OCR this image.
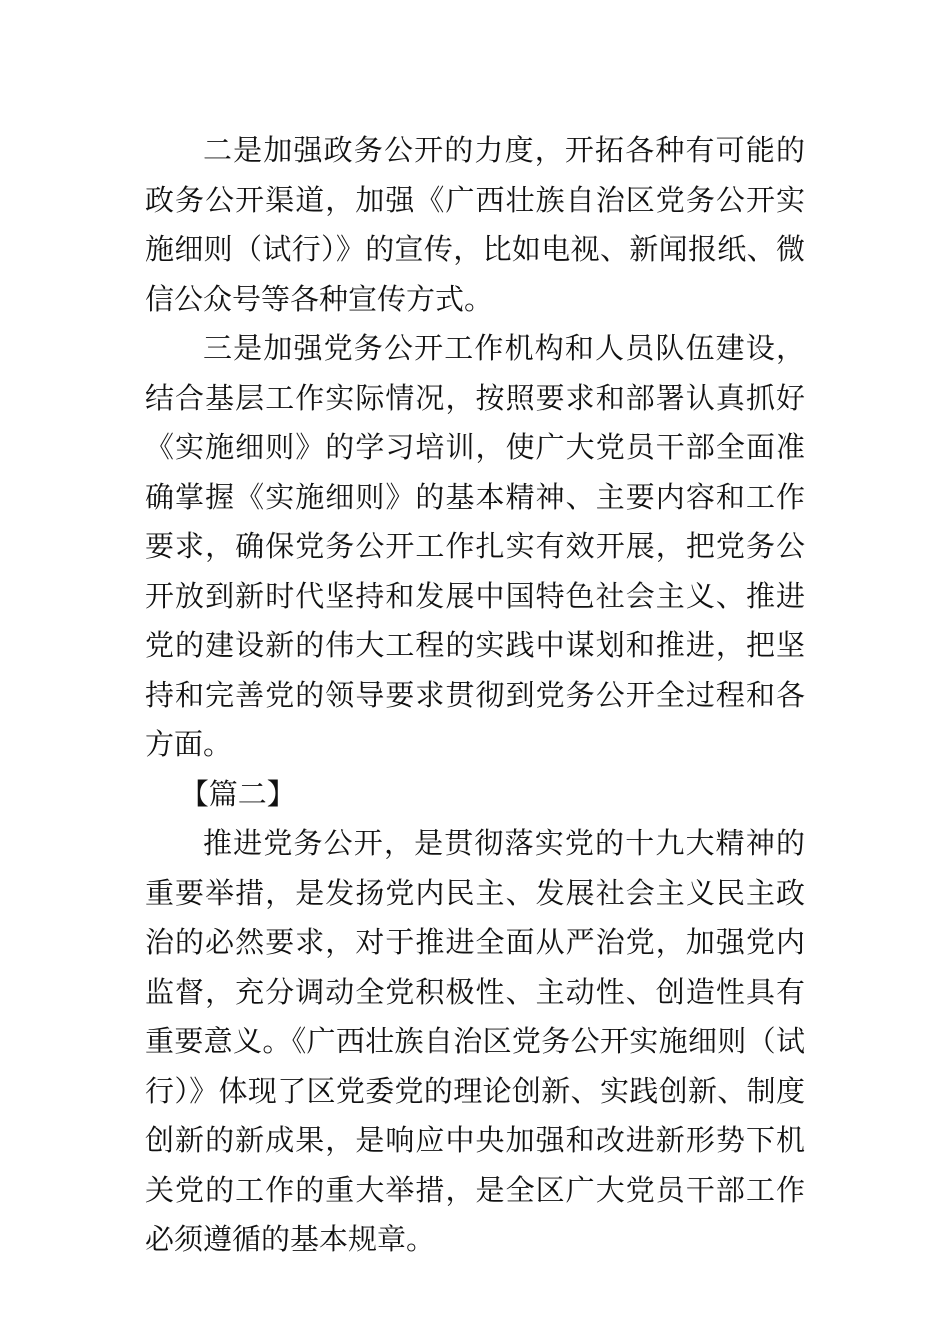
二是加强政务公开的力度，开拓各种有可能的政务公开渠道，加强《广西壮族自治区党务公开实施细则（试行）》的宣传，比如电视、新闻报纸、微信公众号等各种宣传方式。

三是加强党务公开工作机构和人员队伍建设，结合基层工作实际情况，按照要求和部署认真抓好《实施细则》的学习培训，使广大党员干部全面准确掌握《实施细则》的基本精神、主要内容和工作要求，确保党务公开工作扎实有效开展，把党务公开放到新时代坚持和发展中国特色社会主义、推进党的建设新的伟大工程的实践中谋划和推进，把坚持和完善党的领导要求贯彻到党务公开全过程和各方面。

【篇二】

推进党务公开，是贯彻落实党的十九大精神的重要举措，是发扬党内民主、发展社会主义民主政治的必然要求，对于推进全面从严治党，加强党内监督，充分调动全党积极性、主动性、创造性具有重要意义。《广西壮族自治区党务公开实施细则（试行）》体现了区党委党的理论创新、实践创新、制度创新的新成果，是响应中央加强和改进新形势下机关党的工作的重大举措，是全区广大党员干部工作必须遵循的基本规章。
